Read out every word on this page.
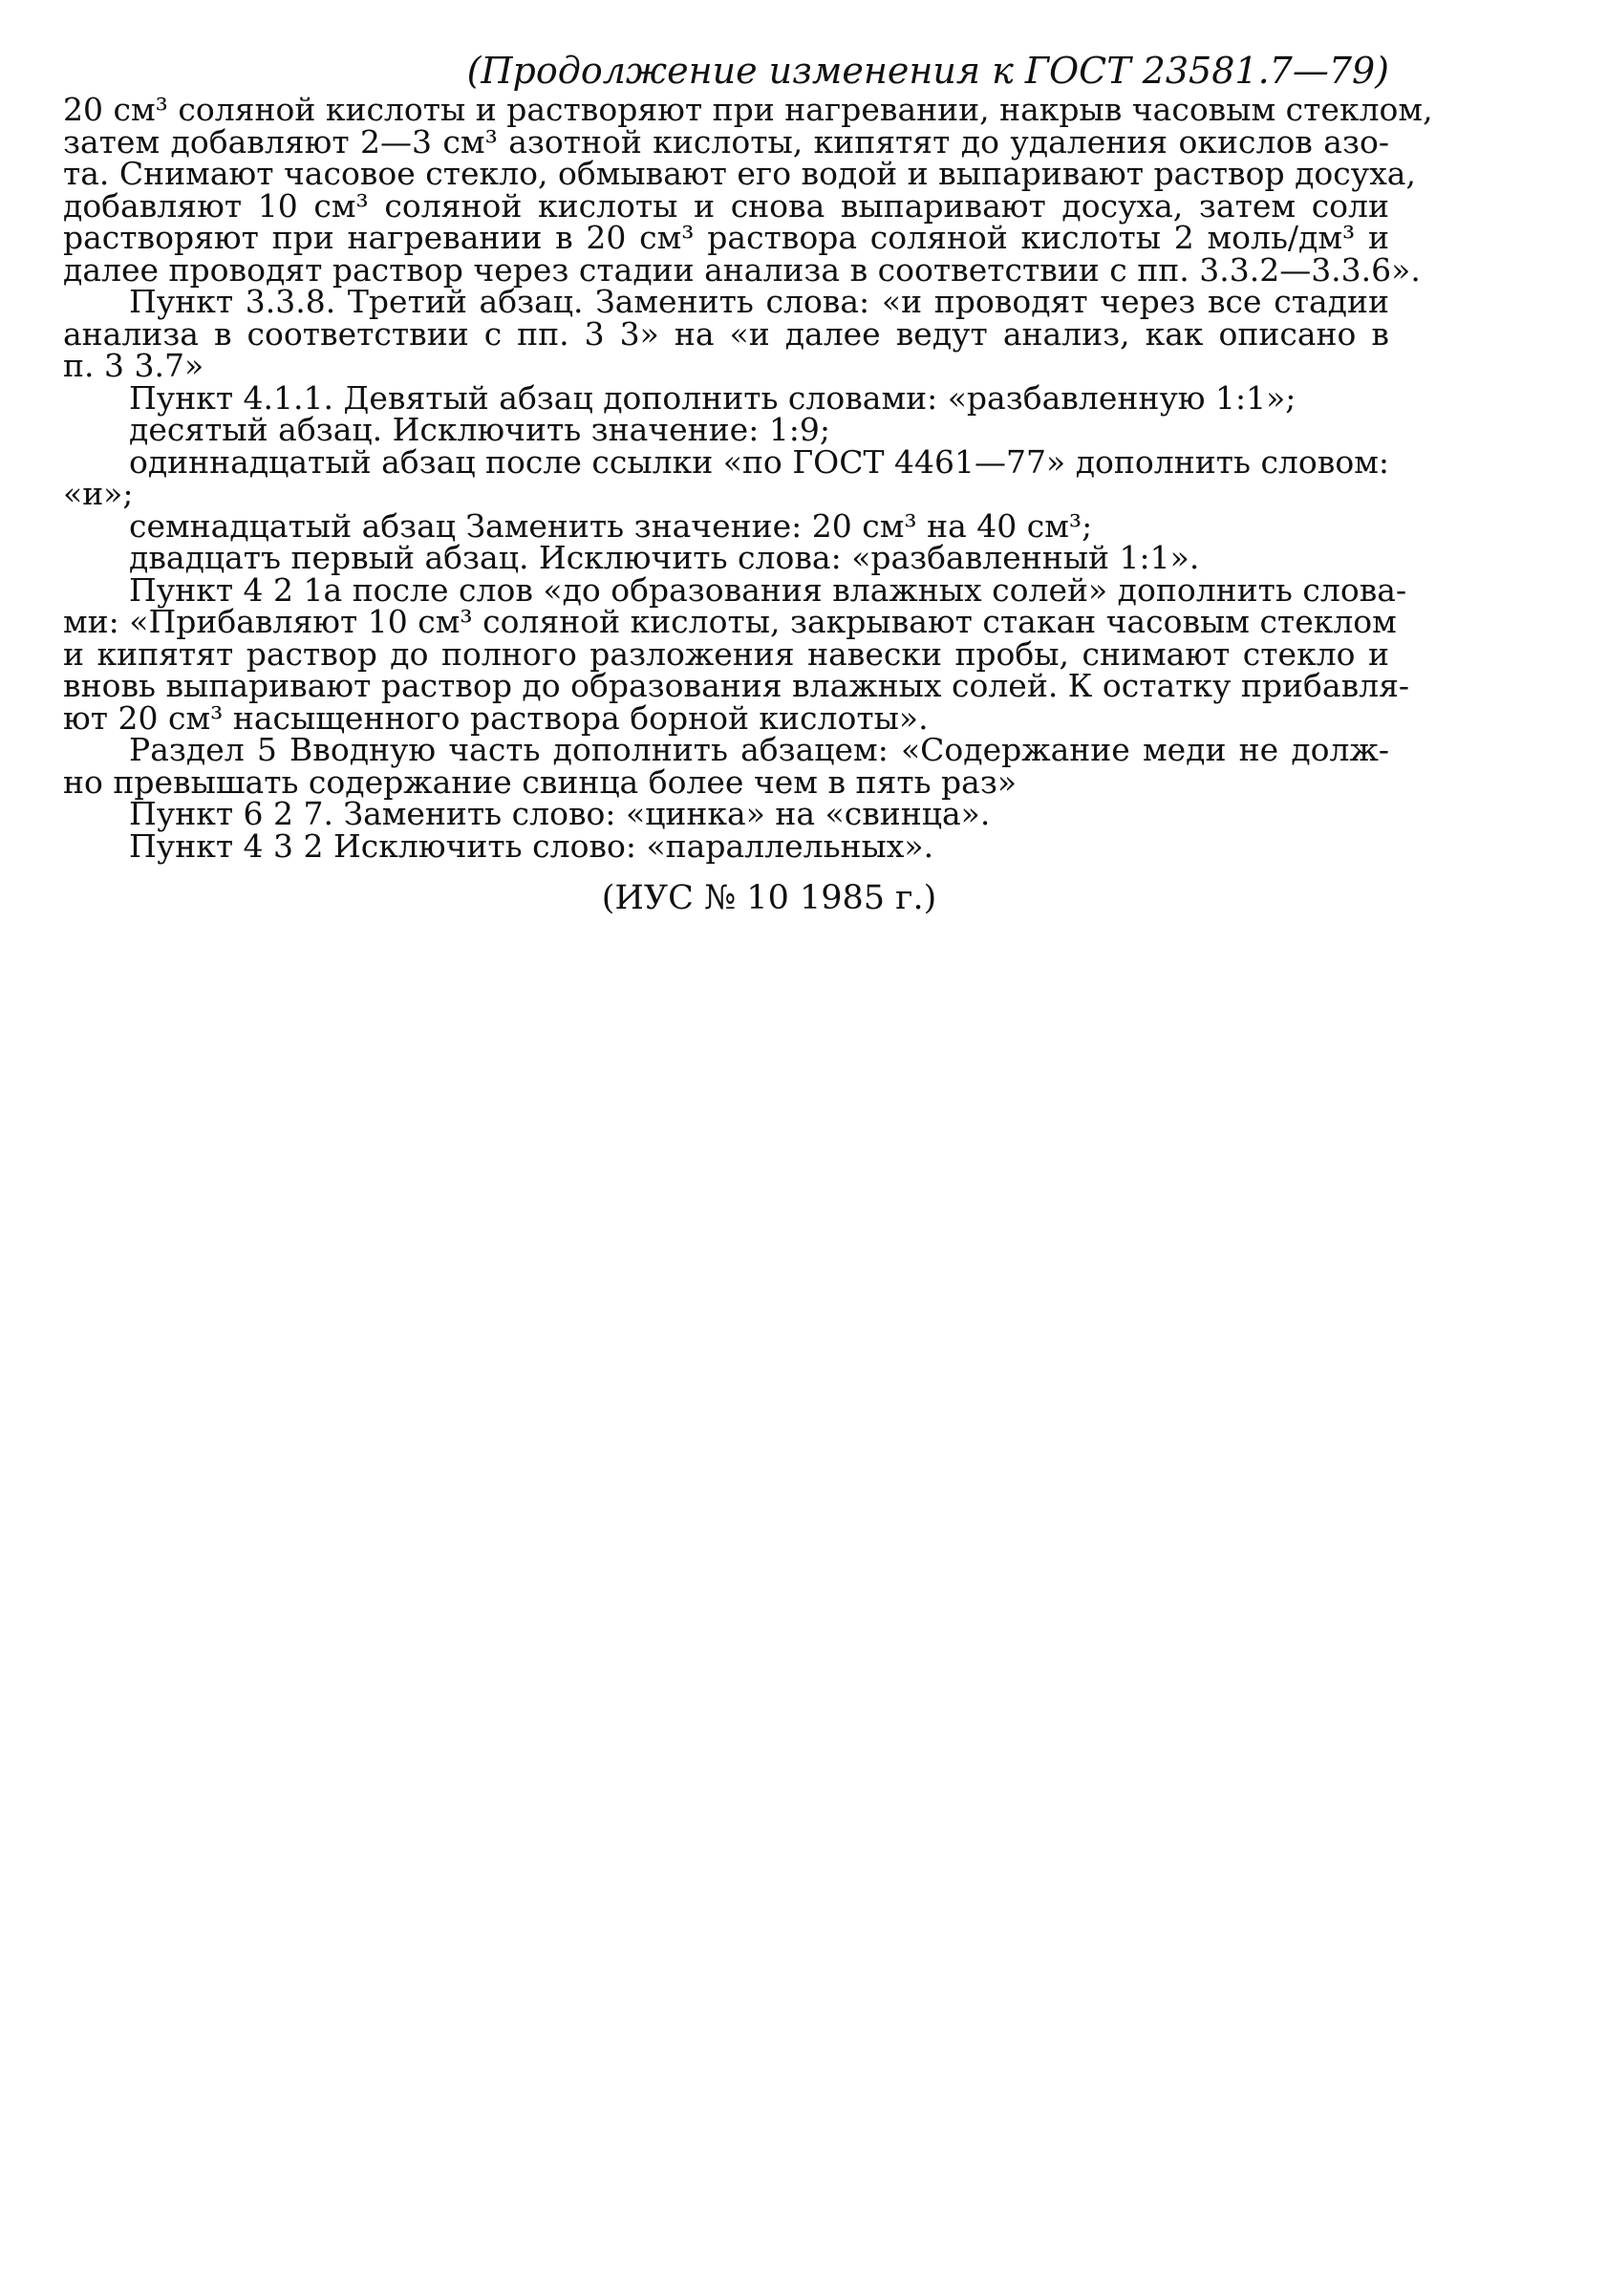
(Продолжение изменения к ГОСТ 23581.7—79)
20 см³ соляной кислоты и растворяют при нагревании, накрыв часовым стеклом,
затем добавляют 2—3 см³ азотной кислоты, кипятят до удаления окислов азо-
та. Снимают часовое стекло, обмывают его водой и выпаривают раствор досуха,
добавляют 10 см³ соляной кислоты и снова выпаривают досуха, затем соли
растворяют при нагревании в 20 см³ раствора соляной кислоты 2 моль/дм³ и
далее проводят раствор через стадии анализа в соответствии с пп. 3.3.2—3.3.6».
Пункт 3.3.8. Третий абзац. Заменить слова: «и проводят через все стадии
анализа в соответствии с пп. 3 3» на «и далее ведут анализ, как описано в
п. 3 3.7»
Пункт 4.1.1. Девятый абзац дополнить словами: «разбавленную 1:1»;
десятый абзац. Исключить значение: 1:9;
одиннадцатый абзац после ссылки «по ГОСТ 4461—77» дополнить словом:
«и»;
семнадцатый абзац Заменить значение: 20 см³ на 40 см³;
двадцатъ первый абзац. Исключить слова: «разбавленный 1:1».
Пункт 4 2 1а после слов «до образования влажных солей» дополнить слова-
ми: «Прибавляют 10 см³ соляной кислоты, закрывают стакан часовым стеклом
и кипятят раствор до полного разложения навески пробы, снимают стекло и
вновь выпаривают раствор до образования влажных солей. К остатку прибавля-
ют 20 см³ насыщенного раствора борной кислоты».
Раздел 5 Вводную часть дополнить абзацем: «Содержание меди не долж-
но превышать содержание свинца более чем в пять раз»
Пункт 6 2 7. Заменить слово: «цинка» на «свинца».
Пункт 4 3 2 Исключить слово: «параллельных».
(ИУС № 10 1985 г.)
